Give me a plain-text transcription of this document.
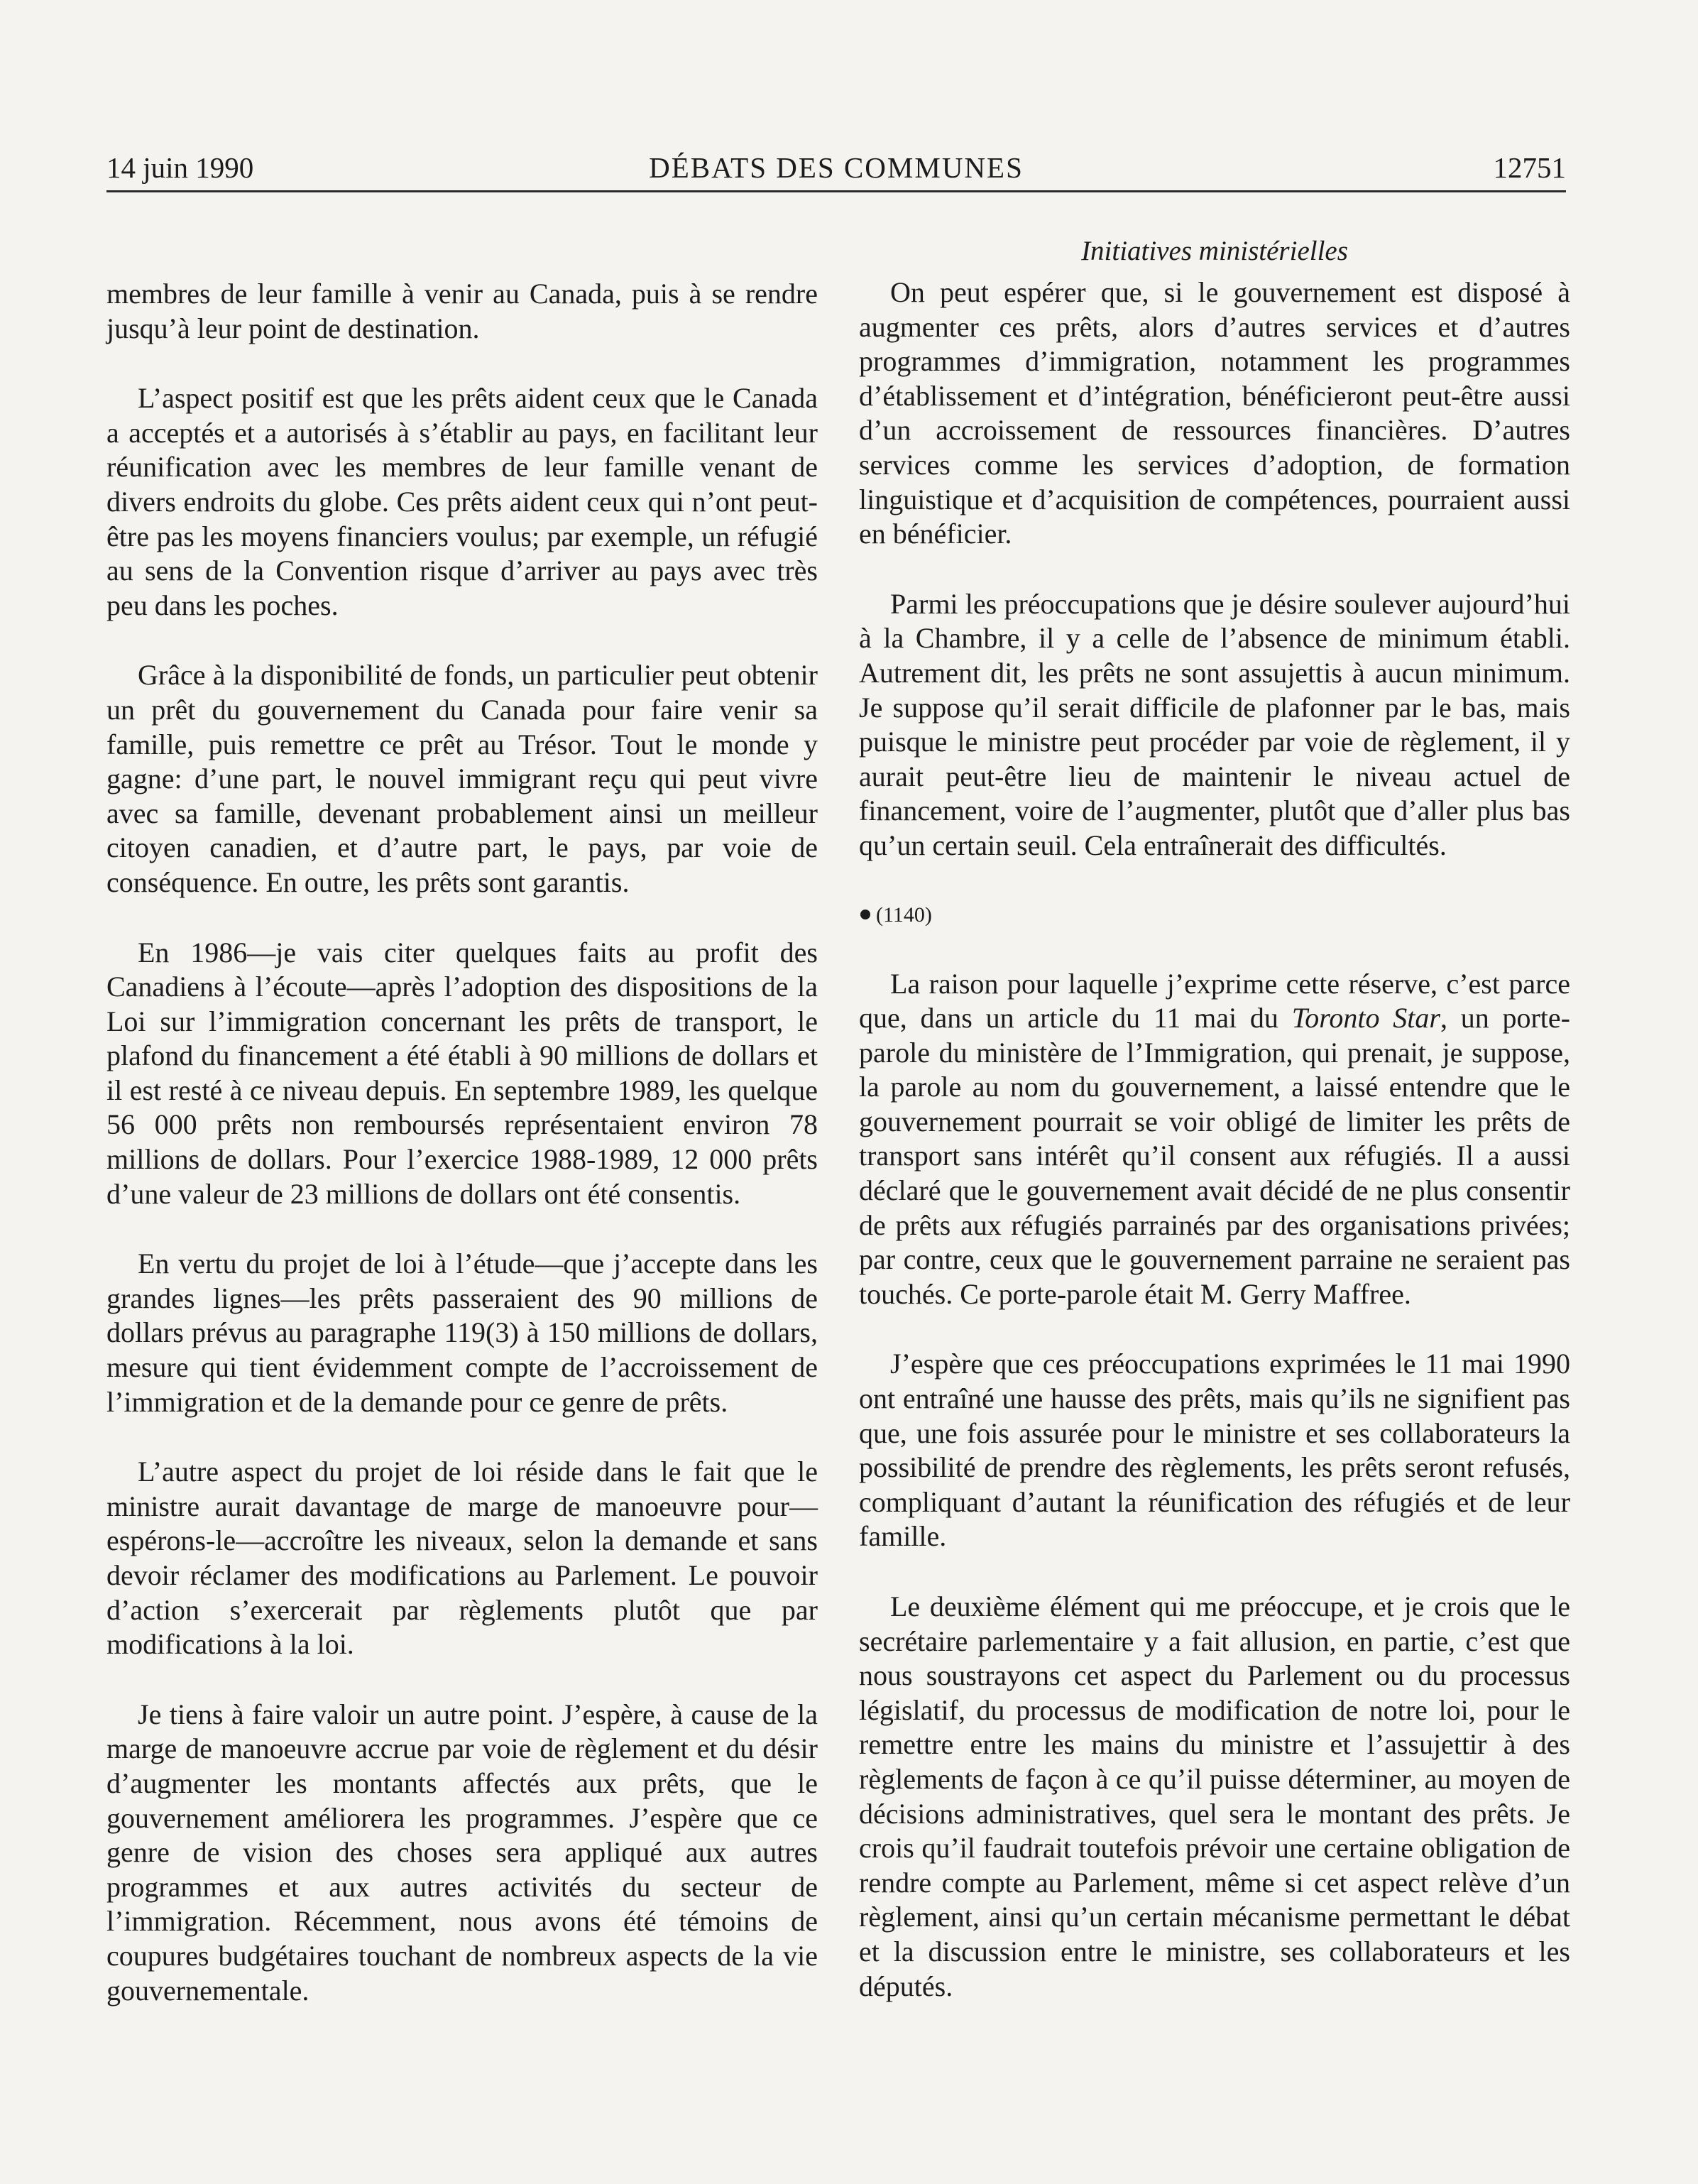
14 juin 1990	DÉBATS DES COMMUNES	12751

membres de leur famille à venir au Canada, puis à se rendre jusqu’à leur point de destination.

L’aspect positif est que les prêts aident ceux que le Canada a acceptés et a autorisés à s’établir au pays, en facilitant leur réunification avec les membres de leur famille venant de divers endroits du globe. Ces prêts aident ceux qui n’ont peut-être pas les moyens financiers voulus; par exemple, un réfugié au sens de la Convention risque d’arriver au pays avec très peu dans les poches.

Grâce à la disponibilité de fonds, un particulier peut obtenir un prêt du gouvernement du Canada pour faire venir sa famille, puis remettre ce prêt au Trésor. Tout le monde y gagne: d’une part, le nouvel immigrant reçu qui peut vivre avec sa famille, devenant probablement ainsi un meilleur citoyen canadien, et d’autre part, le pays, par voie de conséquence. En outre, les prêts sont garantis.

En 1986—je vais citer quelques faits au profit des Canadiens à l’écoute—après l’adoption des dispositions de la Loi sur l’immigration concernant les prêts de transport, le plafond du financement a été établi à 90 millions de dollars et il est resté à ce niveau depuis. En septembre 1989, les quelque 56 000 prêts non remboursés représentaient environ 78 millions de dollars. Pour l’exercice 1988-1989, 12 000 prêts d’une valeur de 23 millions de dollars ont été consentis.

En vertu du projet de loi à l’étude—que j’accepte dans les grandes lignes—les prêts passeraient des 90 millions de dollars prévus au paragraphe 119(3) à 150 millions de dollars, mesure qui tient évidemment compte de l’accroissement de l’immigration et de la demande pour ce genre de prêts.

L’autre aspect du projet de loi réside dans le fait que le ministre aurait davantage de marge de manoeuvre pour—espérons-le—accroître les niveaux, selon la demande et sans devoir réclamer des modifications au Parlement. Le pouvoir d’action s’exercerait par règlements plutôt que par modifications à la loi.

Je tiens à faire valoir un autre point. J’espère, à cause de la marge de manoeuvre accrue par voie de règlement et du désir d’augmenter les montants affectés aux prêts, que le gouvernement améliorera les programmes. J’espère que ce genre de vision des choses sera appliqué aux autres programmes et aux autres activités du secteur de l’immigration. Récemment, nous avons été témoins de coupures budgétaires touchant de nombreux aspects de la vie gouvernementale.

Initiatives ministérielles

On peut espérer que, si le gouvernement est disposé à augmenter ces prêts, alors d’autres services et d’autres programmes d’immigration, notamment les programmes d’établissement et d’intégration, bénéficieront peut-être aussi d’un accroissement de ressources financières. D’autres services comme les services d’adoption, de formation linguistique et d’acquisition de compétences, pourraient aussi en bénéficier.

Parmi les préoccupations que je désire soulever aujourd’hui à la Chambre, il y a celle de l’absence de minimum établi. Autrement dit, les prêts ne sont assujettis à aucun minimum. Je suppose qu’il serait difficile de plafonner par le bas, mais puisque le ministre peut procéder par voie de règlement, il y aurait peut-être lieu de maintenir le niveau actuel de financement, voire de l’augmenter, plutôt que d’aller plus bas qu’un certain seuil. Cela entraînerait des difficultés.

(1140)

La raison pour laquelle j’exprime cette réserve, c’est parce que, dans un article du 11 mai du Toronto Star, un porte-parole du ministère de l’Immigration, qui prenait, je suppose, la parole au nom du gouvernement, a laissé entendre que le gouvernement pourrait se voir obligé de limiter les prêts de transport sans intérêt qu’il consent aux réfugiés. Il a aussi déclaré que le gouvernement avait décidé de ne plus consentir de prêts aux réfugiés parrainés par des organisations privées; par contre, ceux que le gouvernement parraine ne seraient pas touchés. Ce porte-parole était M. Gerry Maffree.

J’espère que ces préoccupations exprimées le 11 mai 1990 ont entraîné une hausse des prêts, mais qu’ils ne signifient pas que, une fois assurée pour le ministre et ses collaborateurs la possibilité de prendre des règlements, les prêts seront refusés, compliquant d’autant la réunification des réfugiés et de leur famille.

Le deuxième élément qui me préoccupe, et je crois que le secrétaire parlementaire y a fait allusion, en partie, c’est que nous soustrayons cet aspect du Parlement ou du processus législatif, du processus de modification de notre loi, pour le remettre entre les mains du ministre et l’assujettir à des règlements de façon à ce qu’il puisse déterminer, au moyen de décisions administratives, quel sera le montant des prêts. Je crois qu’il faudrait toutefois prévoir une certaine obligation de rendre compte au Parlement, même si cet aspect relève d’un règlement, ainsi qu’un certain mécanisme permettant le débat et la discussion entre le ministre, ses collaborateurs et les députés.
